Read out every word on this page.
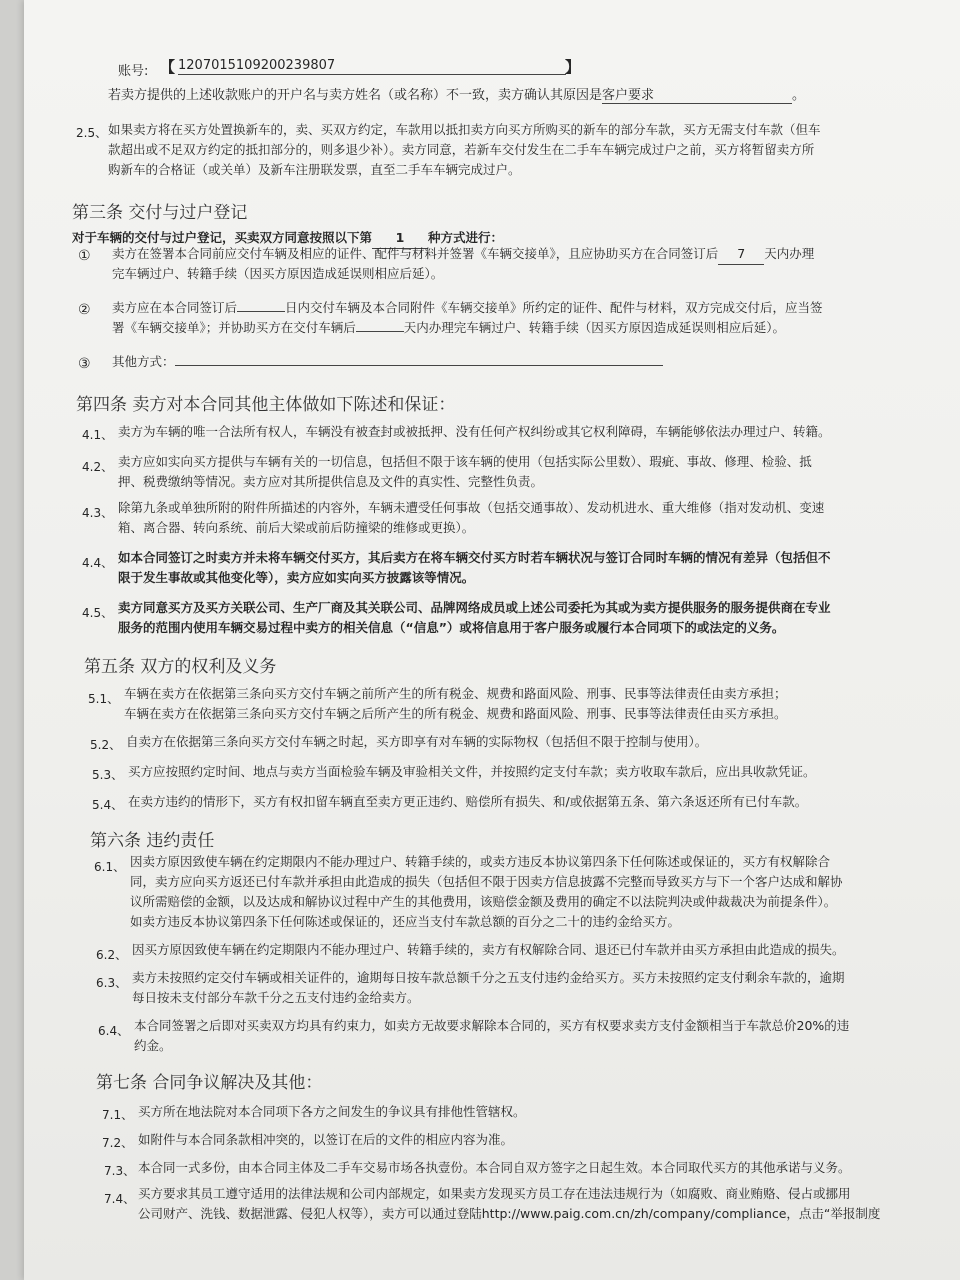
账号: 【 1207015109200239807	】
若卖方提供的上述收款账户的开户名与卖方姓名（或名称）不一致，卖方确认其原因是客户要求	。
2.5、 如果卖方将在买方处置换新车的，卖、买双方约定，车款用以抵扣卖方向买方所购买的新车的部分车款，买方无需支付车款（但车
款超出或不足双方约定的抵扣部分的，则多退少补）。卖方同意，若新车交付发生在二手车车辆完成过户之前，买方将暂留卖方所
购新车的合格证（或关单）及新车注册联发票，直至二手车车辆完成过户。
第三条 交付与过户登记
对于车辆的交付与过户登记，买卖双方同意按照以下第 1 种方式进行：
① 卖方在签署本合同前应交付车辆及相应的证件、配件与材料并签署《车辆交接单》，且应协助买方在合同签订后 7 天内办理
完车辆过户、转籍手续（因买方原因造成延误则相应后延）。
② 卖方应在本合同签订后	日内交付车辆及本合同附件《车辆交接单》所约定的证件、配件与材料，双方完成交付后，应当签
署《车辆交接单》；并协助买方在交付车辆后	天内办理完车辆过户、转籍手续（因买方原因造成延误则相应后延）。
③ 其他方式：
第四条 卖方对本合同其他主体做如下陈述和保证：
4.1、 卖方为车辆的唯一合法所有权人，车辆没有被查封或被抵押、没有任何产权纠纷或其它权利障碍，车辆能够依法办理过户、转籍。
4.2、 卖方应如实向买方提供与车辆有关的一切信息，包括但不限于该车辆的使用（包括实际公里数）、瑕疵、事故、修理、检验、抵
押、税费缴纳等情况。卖方应对其所提供信息及文件的真实性、完整性负责。
4.3、 除第九条或单独所附的附件所描述的内容外，车辆未遭受任何事故（包括交通事故）、发动机进水、重大维修（指对发动机、变速
箱、离合器、转向系统、前后大梁或前后防撞梁的维修或更换）。
4.4、 如本合同签订之时卖方并未将车辆交付买方，其后卖方在将车辆交付买方时若车辆状况与签订合同时车辆的情况有差异（包括但不
限于发生事故或其他变化等），卖方应如实向买方披露该等情况。
4.5、 卖方同意买方及买方关联公司、生产厂商及其关联公司、品牌网络成员或上述公司委托为其或为卖方提供服务的服务提供商在专业
服务的范围内使用车辆交易过程中卖方的相关信息（“信息”）或将信息用于客户服务或履行本合同项下的或法定的义务。
第五条 双方的权利及义务
5.1、 车辆在卖方在依据第三条向买方交付车辆之前所产生的所有税金、规费和路面风险、刑事、民事等法律责任由卖方承担；
车辆在卖方在依据第三条向买方交付车辆之后所产生的所有税金、规费和路面风险、刑事、民事等法律责任由买方承担。
5.2、 自卖方在依据第三条向买方交付车辆之时起，买方即享有对车辆的实际物权（包括但不限于控制与使用）。
5.3、 买方应按照约定时间、地点与卖方当面检验车辆及审验相关文件，并按照约定支付车款；卖方收取车款后，应出具收款凭证。
5.4、 在卖方违约的情形下，买方有权扣留车辆直至卖方更正违约、赔偿所有损失、和/或依据第五条、第六条返还所有已付车款。
第六条 违约责任
6.1、 因卖方原因致使车辆在约定期限内不能办理过户、转籍手续的，或卖方违反本协议第四条下任何陈述或保证的，买方有权解除合
同，卖方应向买方返还已付车款并承担由此造成的损失（包括但不限于因卖方信息披露不完整而导致买方与下一个客户达成和解协
议所需赔偿的金额，以及达成和解协议过程中产生的其他费用，该赔偿金额及费用的确定不以法院判决或仲裁裁决为前提条件）。
如卖方违反本协议第四条下任何陈述或保证的，还应当支付车款总额的百分之二十的违约金给买方。
6.2、 因买方原因致使车辆在约定期限内不能办理过户、转籍手续的，卖方有权解除合同、退还已付车款并由买方承担由此造成的损失。
6.3、 卖方未按照约定交付车辆或相关证件的，逾期每日按车款总额千分之五支付违约金给买方。买方未按照约定支付剩余车款的，逾期
每日按未支付部分车款千分之五支付违约金给卖方。
6.4、 本合同签署之后即对买卖双方均具有约束力，如卖方无故要求解除本合同的，买方有权要求卖方支付金额相当于车款总价20%的违
约金。
第七条 合同争议解决及其他：
7.1、 买方所在地法院对本合同项下各方之间发生的争议具有排他性管辖权。
7.2、 如附件与本合同条款相冲突的，以签订在后的文件的相应内容为准。
7.3、 本合同一式多份，由本合同主体及二手车交易市场各执壹份。本合同自双方签字之日起生效。本合同取代买方的其他承诺与义务。
7.4、 买方要求其员工遵守适用的法律法规和公司内部规定，如果卖方发现买方员工存在违法违规行为（如腐败、商业贿赂、侵占或挪用
公司财产、洗钱、数据泄露、侵犯人权等），卖方可以通过登陆http://www.paig.com.cn/zh/company/compliance，点击“举报制度
